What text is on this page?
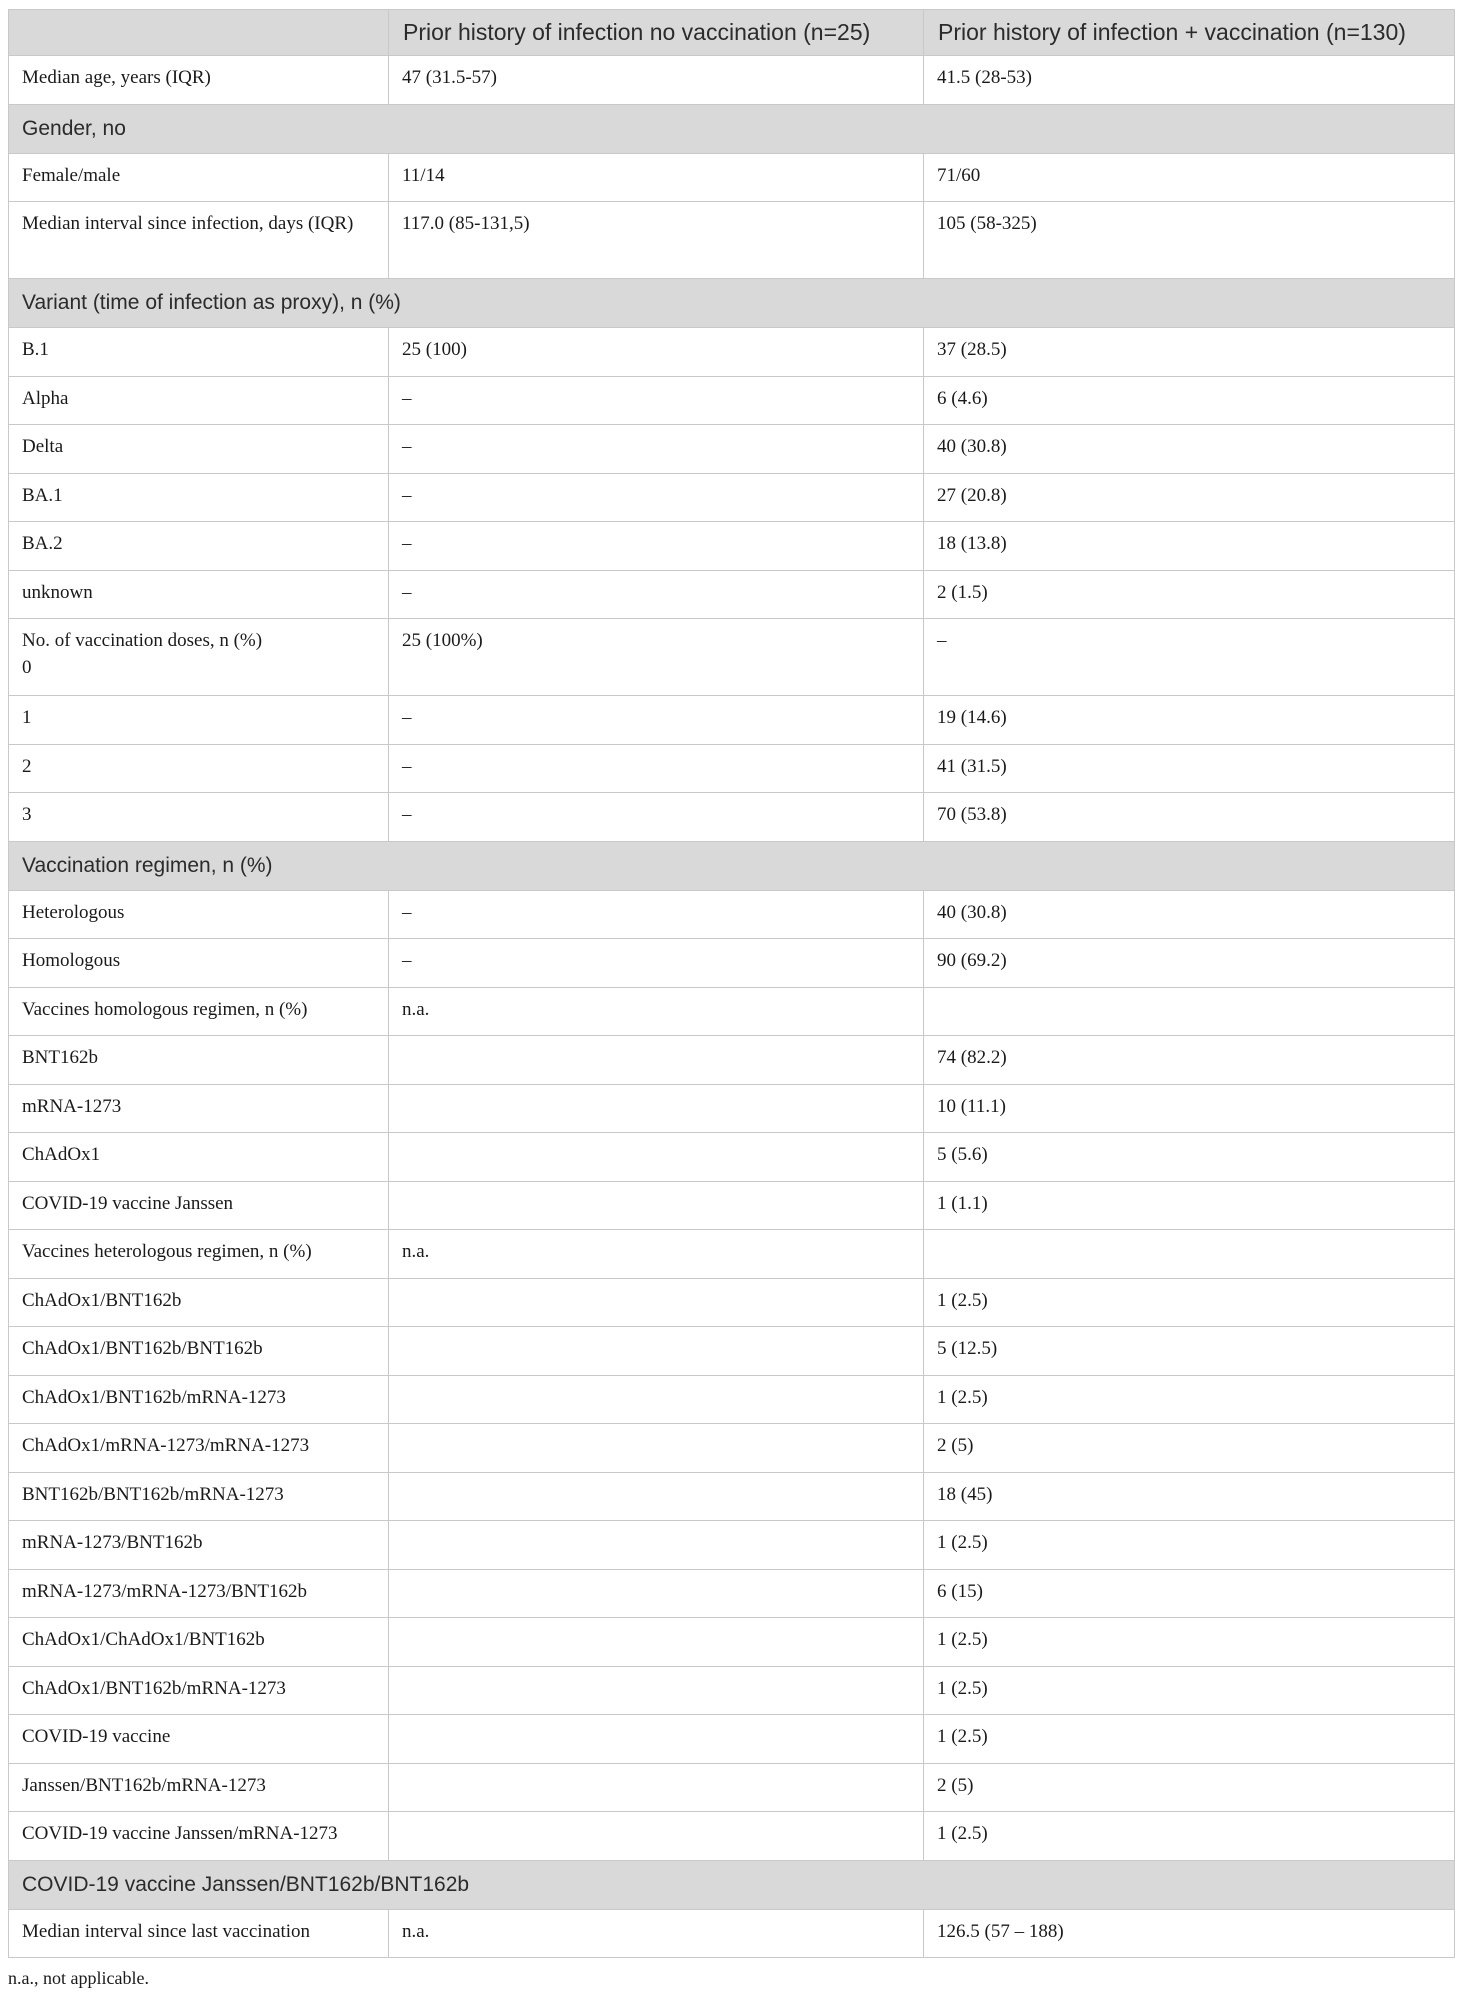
	Prior history of infection no vaccination (n=25)	Prior history of infection + vaccination (n=130)
Median age, years (IQR)	47 (31.5-57)	41.5 (28-53)
Gender, no		
Female/male	11/14	71/60
Median interval since infection, days (IQR)	117.0 (85-131,5)	105 (58-325)
Variant (time of infection as proxy), n (%)		
B.1	25 (100)	37 (28.5)
Alpha	–	6 (4.6)
Delta	–	40 (30.8)
BA.1	–	27 (20.8)
BA.2	–	18 (13.8)
unknown	–	2 (1.5)

No. of vaccination doses, n (%)
0	25 (100%)	–
1	–	19 (14.6)
2	–	41 (31.5)
3	–	70 (53.8)
Vaccination regimen, n (%)		
Heterologous	–	40 (30.8)
Homologous	–	90 (69.2)
Vaccines homologous regimen, n (%)	n.a.	
BNT162b		74 (82.2)
mRNA-1273		10 (11.1)
ChAdOx1		5 (5.6)
COVID-19 vaccine Janssen		1 (1.1)
Vaccines heterologous regimen, n (%)	n.a.	
ChAdOx1/BNT162b		1 (2.5)
ChAdOx1/BNT162b/BNT162b		5 (12.5)
ChAdOx1/BNT162b/mRNA-1273		1 (2.5)
ChAdOx1/mRNA-1273/mRNA-1273		2 (5)
BNT162b/BNT162b/mRNA-1273		18 (45)
mRNA-1273/BNT162b		1 (2.5)
mRNA-1273/mRNA-1273/BNT162b		6 (15)
ChAdOx1/ChAdOx1/BNT162b		1 (2.5)
ChAdOx1/BNT162b/mRNA-1273		1 (2.5)
COVID-19 vaccine		1 (2.5)
Janssen/BNT162b/mRNA-1273		2 (5)
COVID-19 vaccine Janssen/mRNA-1273		1 (2.5)
COVID-19 vaccine Janssen/BNT162b/BNT162b		
Median interval since last vaccination	n.a.	126.5 (57 – 188)
n.a., not applicable.
